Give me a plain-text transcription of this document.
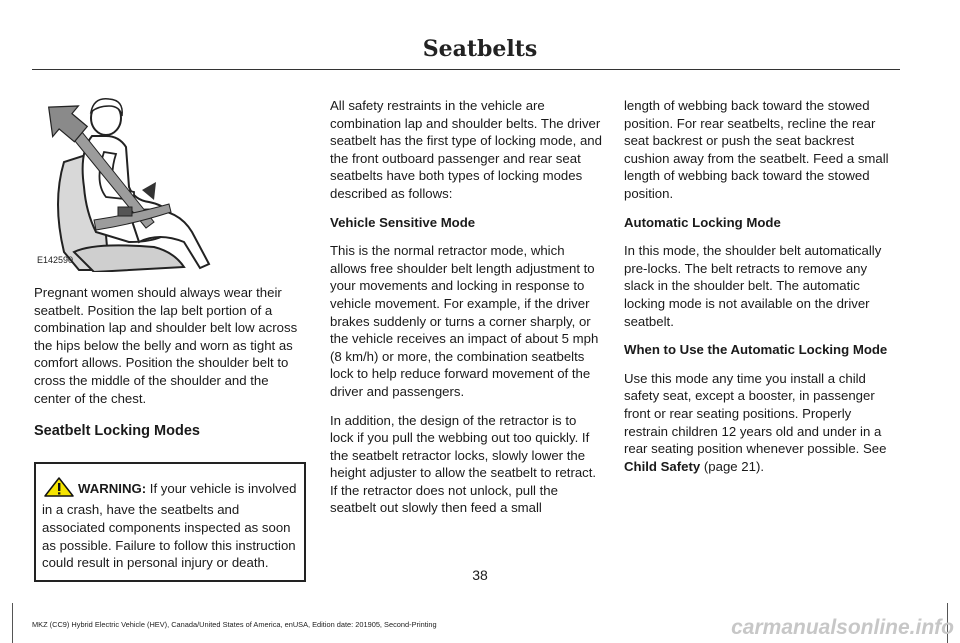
Seatbelts
E142590

Pregnant women should always wear their seatbelt. Position the lap belt portion of a combination lap and shoulder belt low across the hips below the belly and worn as tight as comfort allows. Position the shoulder belt to cross the middle of the shoulder and the center of the chest.

Seatbelt Locking Modes
WARNING: If your vehicle is involved in a crash, have the seatbelts and associated components inspected as soon as possible. Failure to follow this instruction could result in personal injury or death.

All safety restraints in the vehicle are combination lap and shoulder belts. The driver seatbelt has the first type of locking mode, and the front outboard passenger and rear seat seatbelts have both types of locking modes described as follows:

Vehicle Sensitive Mode

This is the normal retractor mode, which allows free shoulder belt length adjustment to your movements and locking in response to vehicle movement. For example, if the driver brakes suddenly or turns a corner sharply, or the vehicle receives an impact of about 5 mph (8 km/h) or more, the combination seatbelts lock to help reduce forward movement of the driver and passengers.

In addition, the design of the retractor is to lock if you pull the webbing out too quickly. If the seatbelt retractor locks, slowly lower the height adjuster to allow the seatbelt to retract. If the retractor does not unlock, pull the seatbelt out slowly then feed a small

length of webbing back toward the stowed position. For rear seatbelts, recline the rear seat backrest or push the seat backrest cushion away from the seatbelt. Feed a small length of webbing back toward the stowed position.

Automatic Locking Mode

In this mode, the shoulder belt automatically pre-locks. The belt retracts to remove any slack in the shoulder belt. The automatic locking mode is not available on the driver seatbelt.

When to Use the Automatic Locking Mode

Use this mode any time you install a child safety seat, except a booster, in passenger front or rear seating positions. Properly restrain children 12 years old and under in a rear seating position whenever possible. See Child Safety (page 21).

38
MKZ (CC9) Hybrid Electric Vehicle (HEV), Canada/United States of America, enUSA, Edition date: 201905, Second-Printing	carmanualsonline.info
